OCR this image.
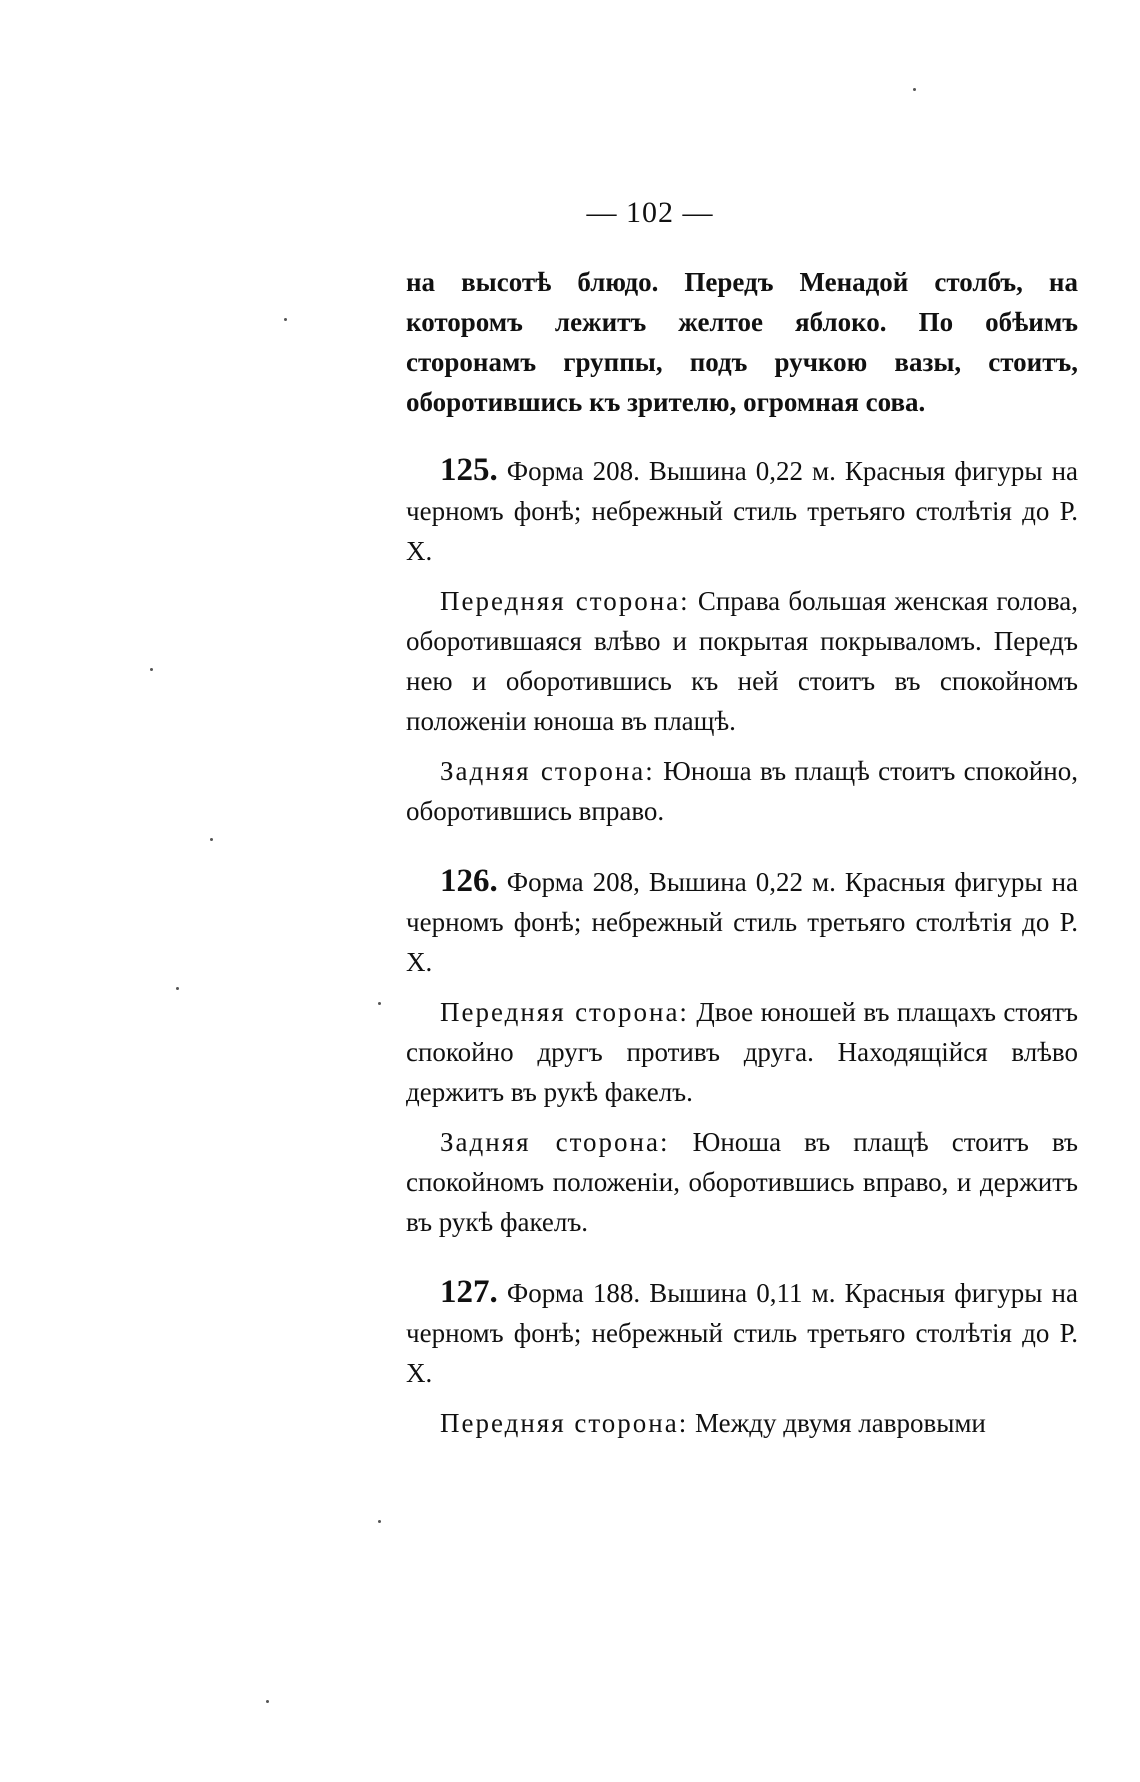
— 102 —

на высотѣ блюдо. Передъ Менадой столбъ, на которомъ лежитъ желтое яблоко. По обѣимъ сторонамъ группы, подъ ручкою вазы, стоитъ, оборотившись къ зрителю, огромная сова.

125. Форма 208. Вышина 0,22 м. Красныя фигуры на черномъ фонѣ; небрежный стиль третьяго столѣтія до Р. Х.

Передняя сторона: Справа большая женская голова, оборотившаяся влѣво и покрытая покрываломъ. Передъ нею и оборотившись къ ней стоитъ въ спокойномъ положеніи юноша въ плащѣ.

Задняя сторона: Юноша въ плащѣ стоитъ спокойно, оборотившись вправо.

126. Форма 208, Вышина 0,22 м. Красныя фигуры на черномъ фонѣ; небрежный стиль третьяго столѣтія до Р. Х.

Передняя сторона: Двое юношей въ плащахъ стоятъ спокойно другъ противъ друга. Находящійся влѣво держитъ въ рукѣ факелъ.

Задняя сторона: Юноша въ плащѣ стоитъ въ спокойномъ положеніи, оборотившись вправо, и держитъ въ рукѣ факелъ.

127. Форма 188. Вышина 0,11 м. Красныя фигуры на черномъ фонѣ; небрежный стиль третьяго столѣтія до Р. Х.

Передняя сторона: Между двумя лавровыми
